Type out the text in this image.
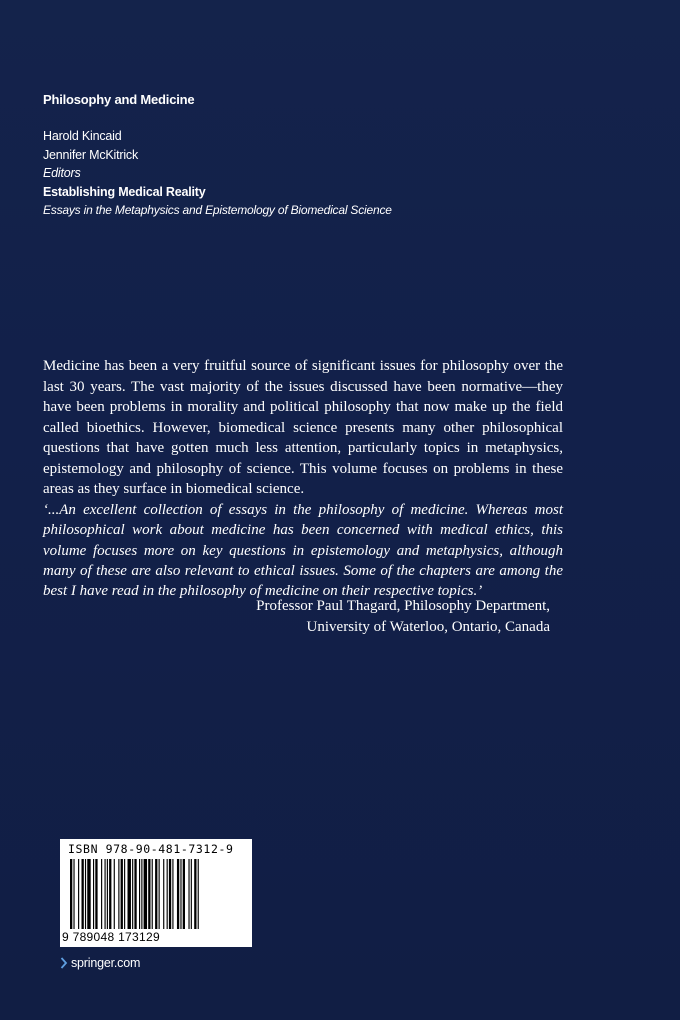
Philosophy and Medicine
Harold Kincaid
Jennifer McKitrick
Editors
Establishing Medical Reality
Essays in the Metaphysics and Epistemology of Biomedical Science

Medicine has been a very fruitful source of significant issues for philosophy over the last 30 years. The vast majority of the issues discussed have been normative—they have been problems in morality and political philosophy that now make up the field called bioethics. However, biomedical science presents many other philosophical questions that have gotten much less attention, particularly topics in metaphysics, epistemology and philosophy of science. This volume focuses on problems in these areas as they surface in biomedical science.

‘...An excellent collection of essays in the philosophy of medicine. Whereas most philosophical work about medicine has been concerned with medical ethics, this volume focuses more on key questions in epistemology and metaphysics, although many of these are also relevant to ethical issues. Some of the chapters are among the best I have read in the philosophy of medicine on their respective topics.’

Professor Paul Thagard, Philosophy Department,
University of Waterloo, Ontario, Canada
ISBN 978-90-481-7312-9
9 789048 173129
springer.com
